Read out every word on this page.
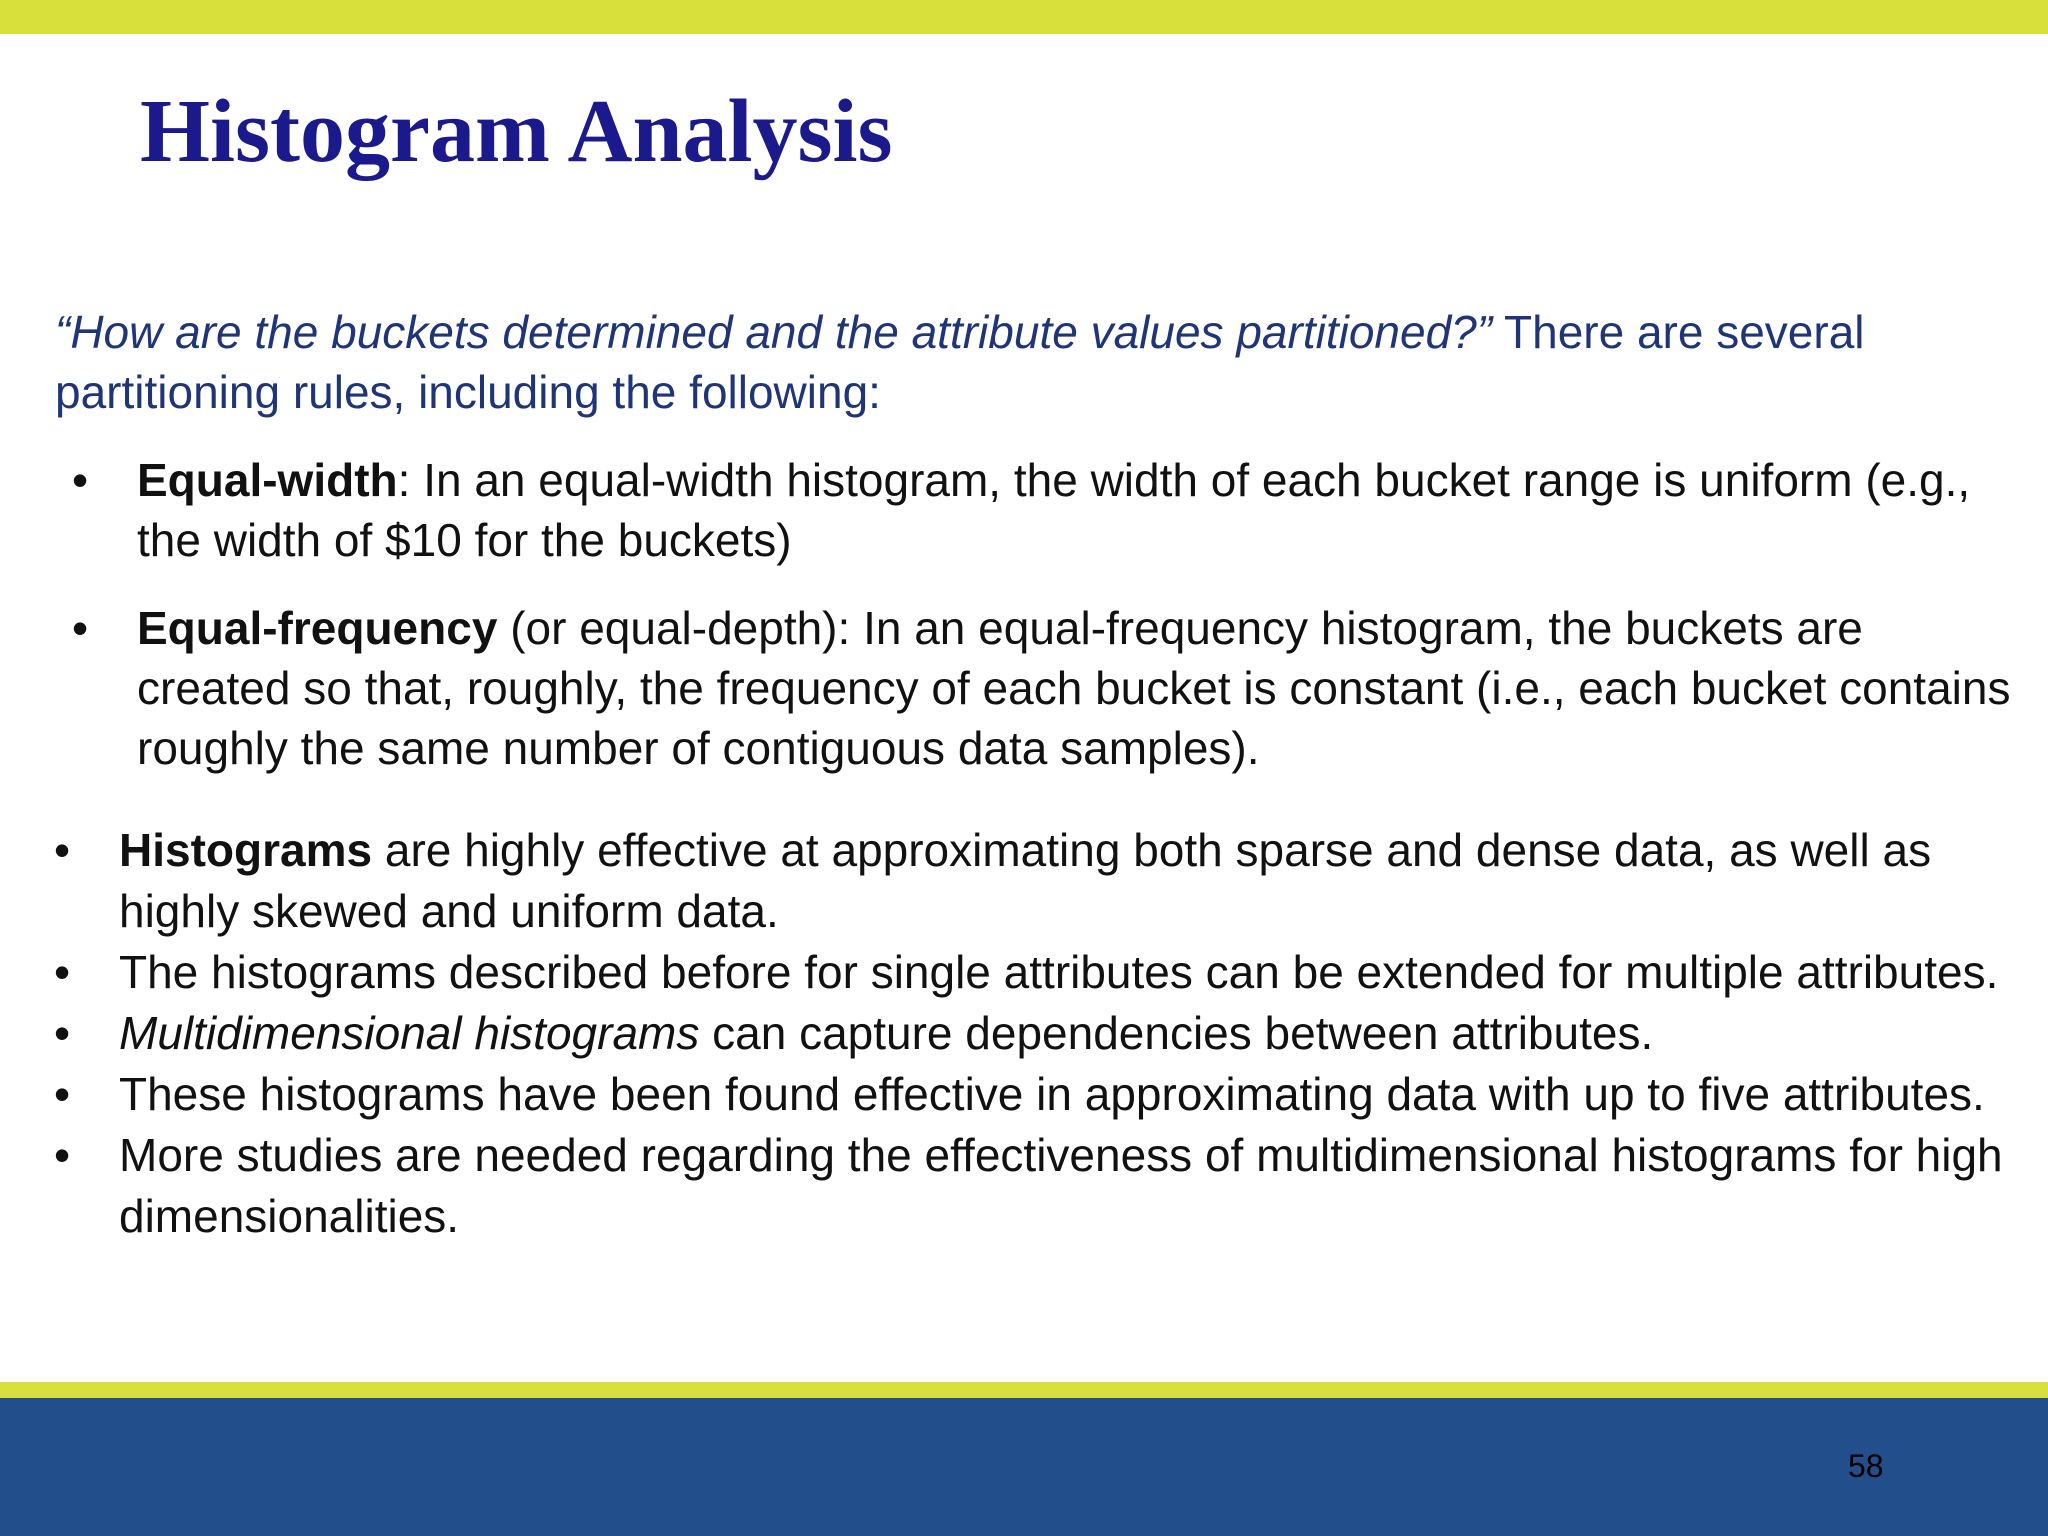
Histogram Analysis

“How are the buckets determined and the attribute values partitioned?” There are several partitioning rules, including the following:

• Equal-width: In an equal-width histogram, the width of each bucket range is uniform (e.g., the width of $10 for the buckets)
• Equal-frequency (or equal-depth): In an equal-frequency histogram, the buckets are created so that, roughly, the frequency of each bucket is constant (i.e., each bucket contains roughly the same number of contiguous data samples).
• Histograms are highly effective at approximating both sparse and dense data, as well as highly skewed and uniform data.
• The histograms described before for single attributes can be extended for multiple attributes.
• Multidimensional histograms can capture dependencies between attributes.
• These histograms have been found effective in approximating data with up to five attributes.
• More studies are needed regarding the effectiveness of multidimensional histograms for high dimensionalities.
58
